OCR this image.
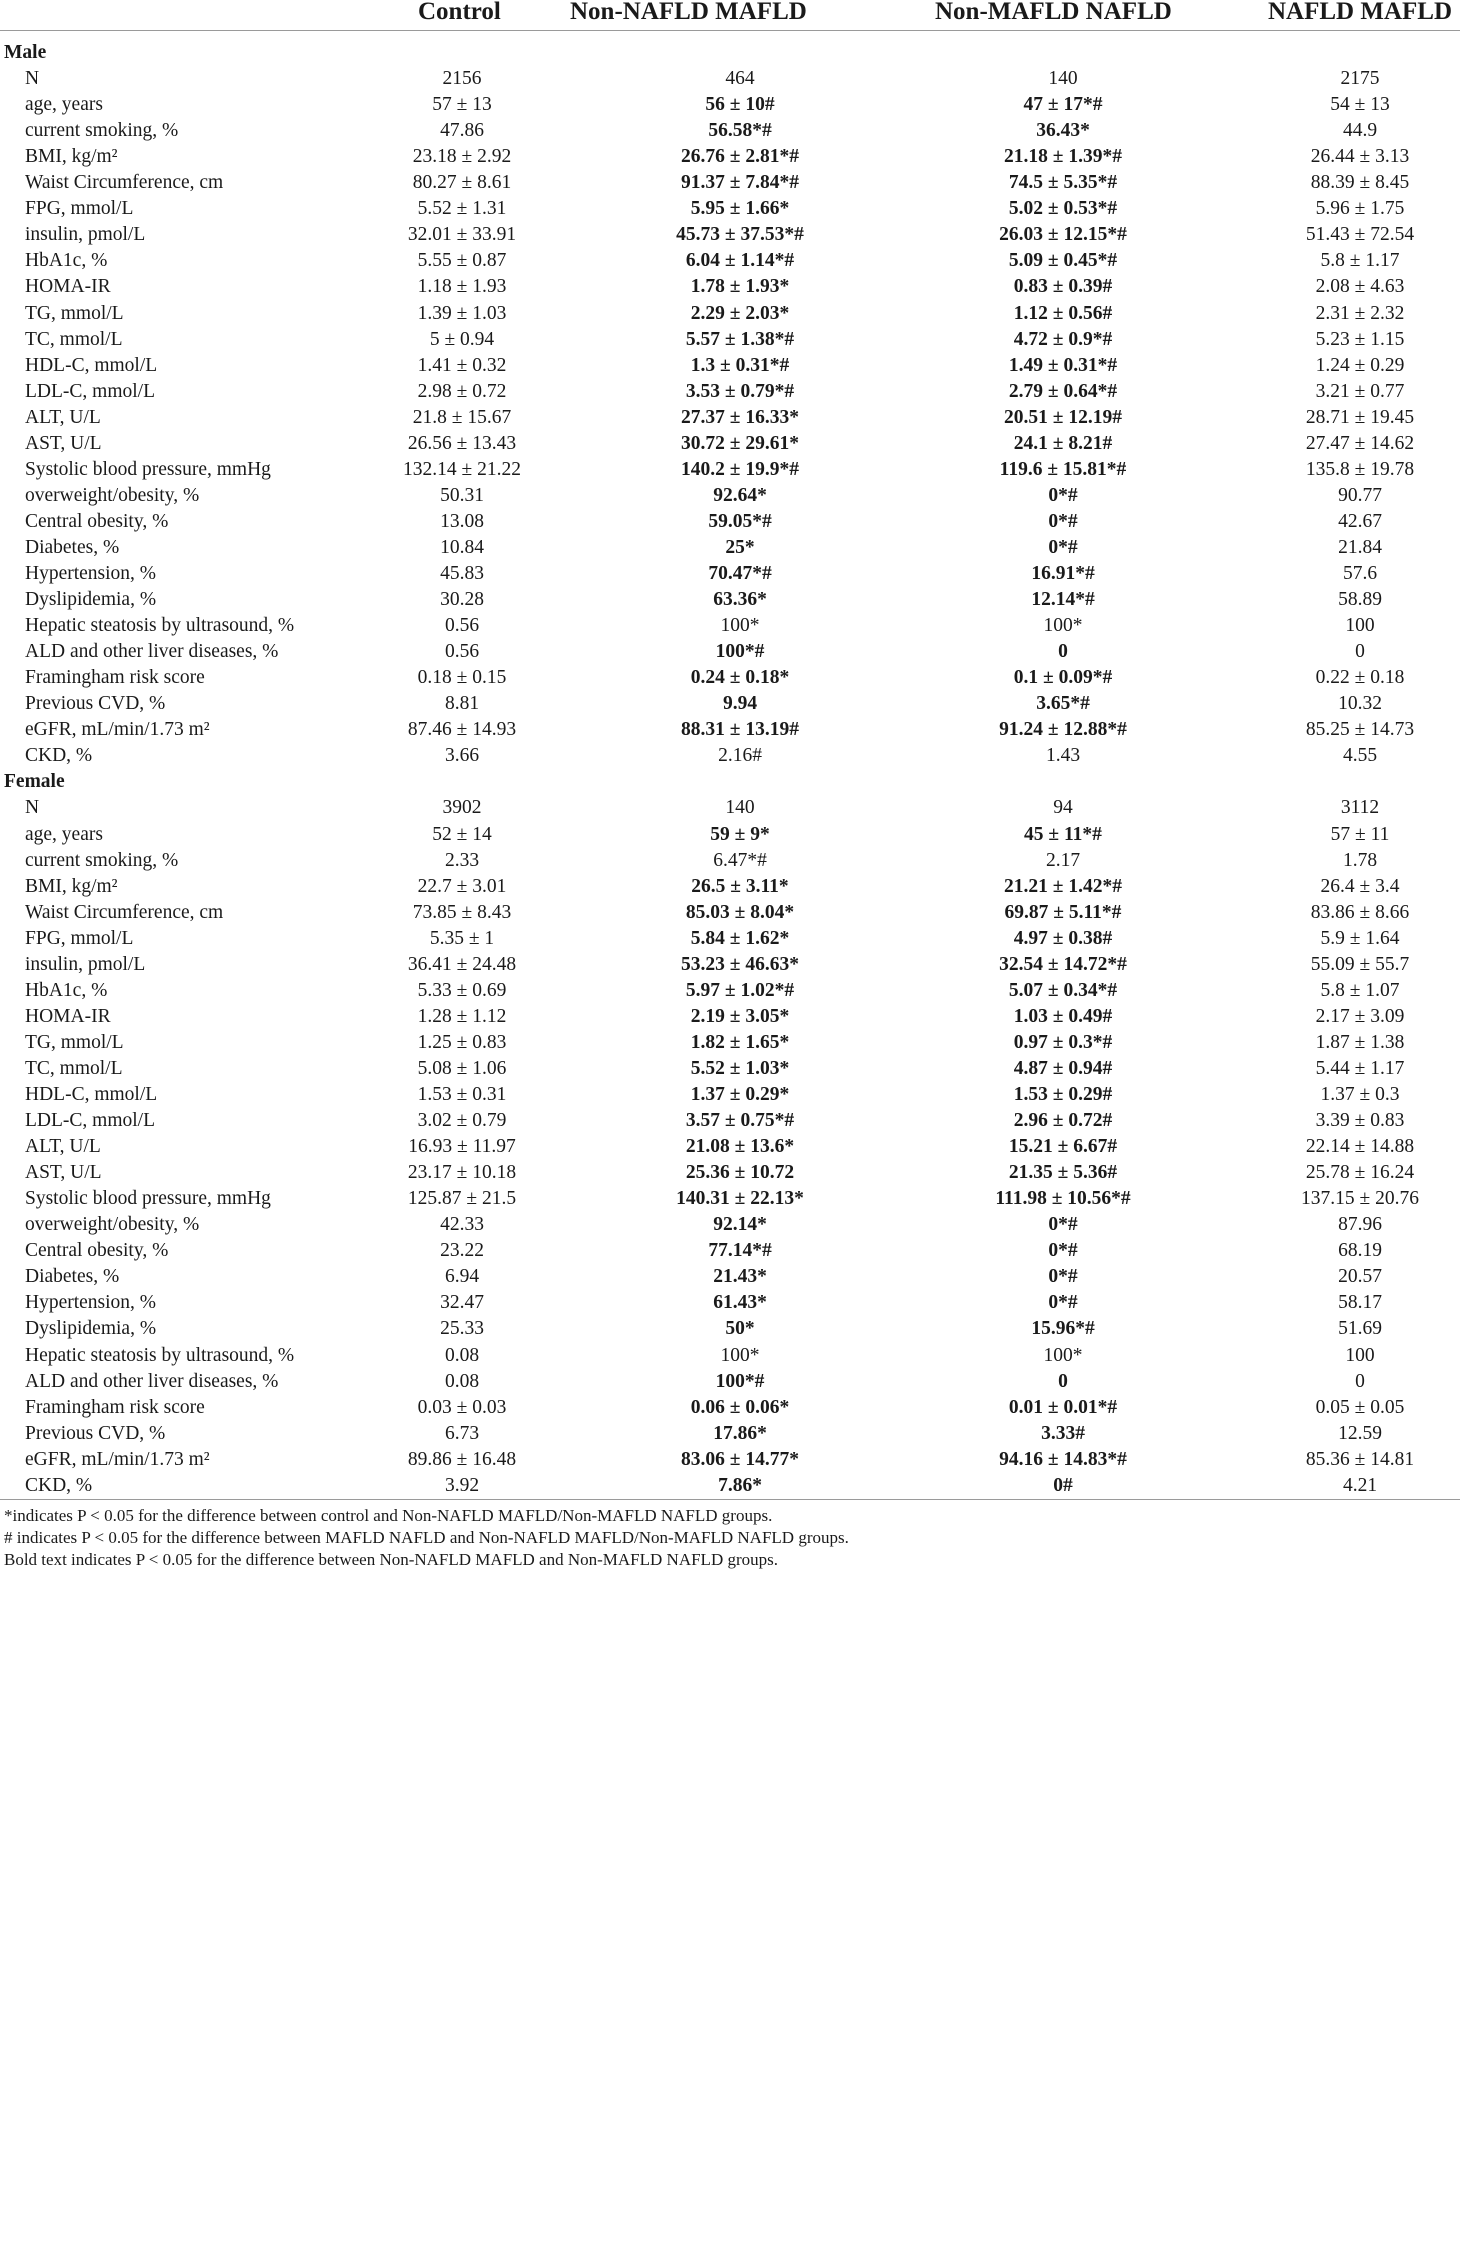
Control	Non-NAFLD MAFLD	Non-MAFLD NAFLD	NAFLD MAFLD
Male
N	2156	464	140	2175
age, years	57 ± 13	56 ± 10#	47 ± 17*#	54 ± 13
current smoking, %	47.86	56.58*#	36.43*	44.9
BMI, kg/m²	23.18 ± 2.92	26.76 ± 2.81*#	21.18 ± 1.39*#	26.44 ± 3.13
Waist Circumference, cm	80.27 ± 8.61	91.37 ± 7.84*#	74.5 ± 5.35*#	88.39 ± 8.45
FPG, mmol/L	5.52 ± 1.31	5.95 ± 1.66*	5.02 ± 0.53*#	5.96 ± 1.75
insulin, pmol/L	32.01 ± 33.91	45.73 ± 37.53*#	26.03 ± 12.15*#	51.43 ± 72.54
HbA1c, %	5.55 ± 0.87	6.04 ± 1.14*#	5.09 ± 0.45*#	5.8 ± 1.17
HOMA-IR	1.18 ± 1.93	1.78 ± 1.93*	0.83 ± 0.39#	2.08 ± 4.63
TG, mmol/L	1.39 ± 1.03	2.29 ± 2.03*	1.12 ± 0.56#	2.31 ± 2.32
TC, mmol/L	5 ± 0.94	5.57 ± 1.38*#	4.72 ± 0.9*#	5.23 ± 1.15
HDL-C, mmol/L	1.41 ± 0.32	1.3 ± 0.31*#	1.49 ± 0.31*#	1.24 ± 0.29
LDL-C, mmol/L	2.98 ± 0.72	3.53 ± 0.79*#	2.79 ± 0.64*#	3.21 ± 0.77
ALT, U/L	21.8 ± 15.67	27.37 ± 16.33*	20.51 ± 12.19#	28.71 ± 19.45
AST, U/L	26.56 ± 13.43	30.72 ± 29.61*	24.1 ± 8.21#	27.47 ± 14.62
Systolic blood pressure, mmHg	132.14 ± 21.22	140.2 ± 19.9*#	119.6 ± 15.81*#	135.8 ± 19.78
overweight/obesity, %	50.31	92.64*	0*#	90.77
Central obesity, %	13.08	59.05*#	0*#	42.67
Diabetes, %	10.84	25*	0*#	21.84
Hypertension, %	45.83	70.47*#	16.91*#	57.6
Dyslipidemia, %	30.28	63.36*	12.14*#	58.89
Hepatic steatosis by ultrasound, %	0.56	100*	100*	100
ALD and other liver diseases, %	0.56	100*#	0	0
Framingham risk score	0.18 ± 0.15	0.24 ± 0.18*	0.1 ± 0.09*#	0.22 ± 0.18
Previous CVD, %	8.81	9.94	3.65*#	10.32
eGFR, mL/min/1.73 m²	87.46 ± 14.93	88.31 ± 13.19#	91.24 ± 12.88*#	85.25 ± 14.73
CKD, %	3.66	2.16#	1.43	4.55
Female
N	3902	140	94	3112
age, years	52 ± 14	59 ± 9*	45 ± 11*#	57 ± 11
current smoking, %	2.33	6.47*#	2.17	1.78
BMI, kg/m²	22.7 ± 3.01	26.5 ± 3.11*	21.21 ± 1.42*#	26.4 ± 3.4
Waist Circumference, cm	73.85 ± 8.43	85.03 ± 8.04*	69.87 ± 5.11*#	83.86 ± 8.66
FPG, mmol/L	5.35 ± 1	5.84 ± 1.62*	4.97 ± 0.38#	5.9 ± 1.64
insulin, pmol/L	36.41 ± 24.48	53.23 ± 46.63*	32.54 ± 14.72*#	55.09 ± 55.7
HbA1c, %	5.33 ± 0.69	5.97 ± 1.02*#	5.07 ± 0.34*#	5.8 ± 1.07
HOMA-IR	1.28 ± 1.12	2.19 ± 3.05*	1.03 ± 0.49#	2.17 ± 3.09
TG, mmol/L	1.25 ± 0.83	1.82 ± 1.65*	0.97 ± 0.3*#	1.87 ± 1.38
TC, mmol/L	5.08 ± 1.06	5.52 ± 1.03*	4.87 ± 0.94#	5.44 ± 1.17
HDL-C, mmol/L	1.53 ± 0.31	1.37 ± 0.29*	1.53 ± 0.29#	1.37 ± 0.3
LDL-C, mmol/L	3.02 ± 0.79	3.57 ± 0.75*#	2.96 ± 0.72#	3.39 ± 0.83
ALT, U/L	16.93 ± 11.97	21.08 ± 13.6*	15.21 ± 6.67#	22.14 ± 14.88
AST, U/L	23.17 ± 10.18	25.36 ± 10.72	21.35 ± 5.36#	25.78 ± 16.24
Systolic blood pressure, mmHg	125.87 ± 21.5	140.31 ± 22.13*	111.98 ± 10.56*#	137.15 ± 20.76
overweight/obesity, %	42.33	92.14*	0*#	87.96
Central obesity, %	23.22	77.14*#	0*#	68.19
Diabetes, %	6.94	21.43*	0*#	20.57
Hypertension, %	32.47	61.43*	0*#	58.17
Dyslipidemia, %	25.33	50*	15.96*#	51.69
Hepatic steatosis by ultrasound, %	0.08	100*	100*	100
ALD and other liver diseases, %	0.08	100*#	0	0
Framingham risk score	0.03 ± 0.03	0.06 ± 0.06*	0.01 ± 0.01*#	0.05 ± 0.05
Previous CVD, %	6.73	17.86*	3.33#	12.59
eGFR, mL/min/1.73 m²	89.86 ± 16.48	83.06 ± 14.77*	94.16 ± 14.83*#	85.36 ± 14.81
CKD, %	3.92	7.86*	0#	4.21
*indicates P < 0.05 for the difference between control and Non-NAFLD MAFLD/Non-MAFLD NAFLD groups.
# indicates P < 0.05 for the difference between MAFLD NAFLD and Non-NAFLD MAFLD/Non-MAFLD NAFLD groups.
Bold text indicates P < 0.05 for the difference between Non-NAFLD MAFLD and Non-MAFLD NAFLD groups.
